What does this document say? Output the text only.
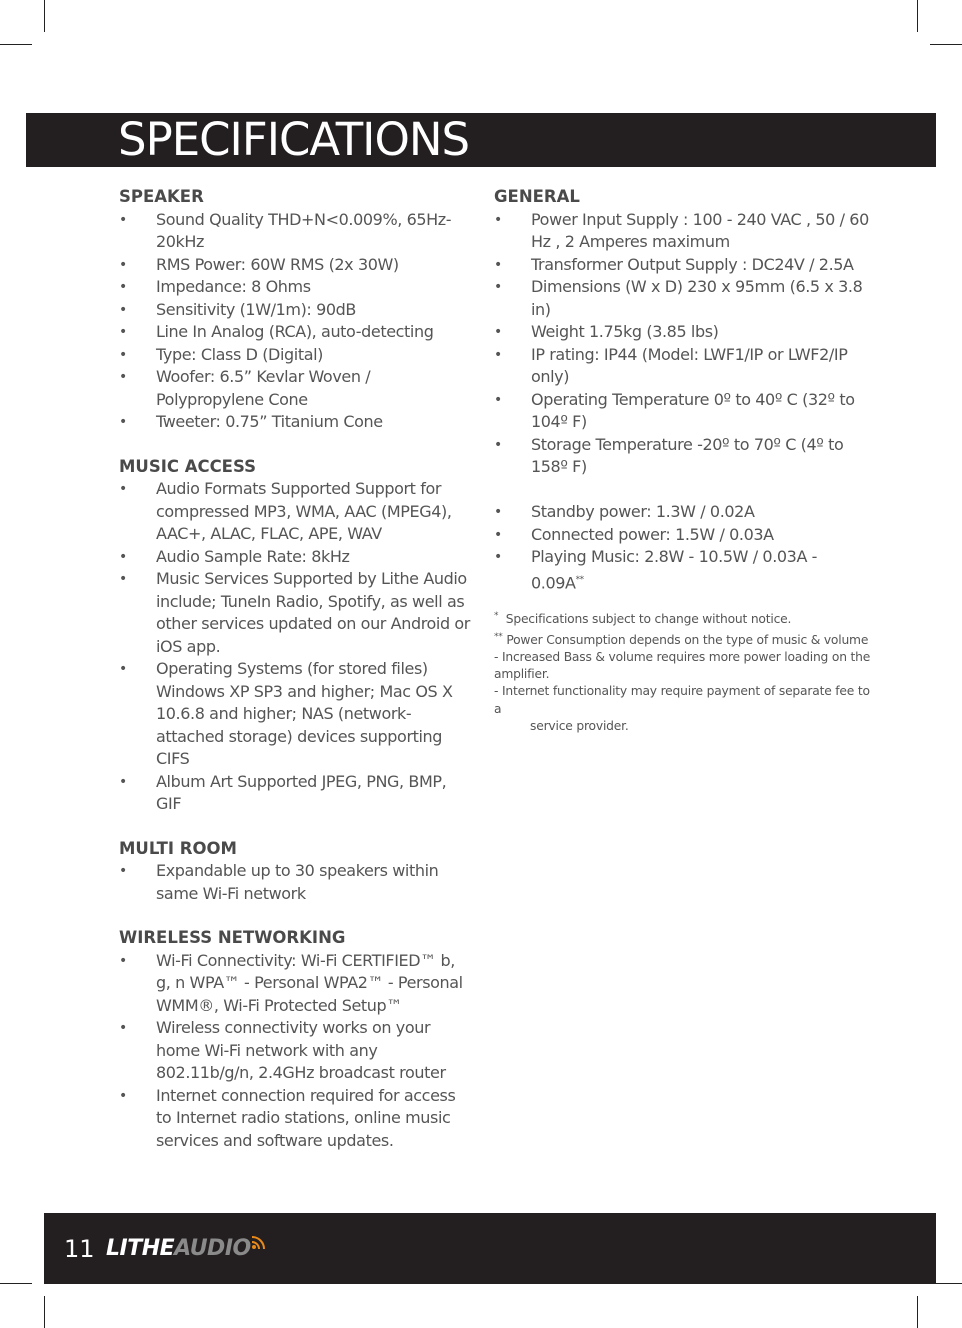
SPECIFICATIONS
SPEAKER
• Sound Quality THD+N<0.009%, 65Hz-20kHz
• RMS Power: 60W RMS (2x 30W)
• Impedance: 8 Ohms
• Sensitivity (1W/1m): 90dB
• Line In Analog (RCA), auto-detecting
• Type: Class D (Digital)
• Woofer: 6.5” Kevlar Woven / Polypropylene Cone
• Tweeter: 0.75” Titanium Cone
MUSIC ACCESS
• Audio Formats Supported Support for compressed MP3, WMA, AAC (MPEG4), AAC+, ALAC, FLAC, APE, WAV
• Audio Sample Rate: 8kHz
• Music Services Supported by Lithe Audio include; TuneIn Radio, Spotify, as well as other services updated on our Android or iOS app.
• Operating Systems (for stored files) Windows XP SP3 and higher; Mac OS X 10.6.8 and higher; NAS (network-attached storage) devices supporting CIFS
• Album Art Supported JPEG, PNG, BMP, GIF
MULTI ROOM
• Expandable up to 30 speakers within same Wi-Fi network
WIRELESS NETWORKING
• Wi-Fi Connectivity: Wi-Fi CERTIFIED™ b, g, n WPA™ - Personal WPA2™ - Personal WMM®, Wi-Fi Protected Setup™
• Wireless connectivity works on your home Wi-Fi network with any 802.11b/g/n, 2.4GHz broadcast router
• Internet connection required for access to Internet radio stations, online music services and software updates.
GENERAL
• Power Input Supply : 100 - 240 VAC , 50 / 60 Hz , 2 Amperes maximum
• Transformer Output Supply : DC24V / 2.5A
• Dimensions (W x D) 230 x 95mm (6.5 x 3.8 in)
• Weight 1.75kg (3.85 lbs)
• IP rating: IP44 (Model: LWF1/IP or LWF2/IP only)
• Operating Temperature 0º to 40º C (32º to 104º F)
• Storage Temperature -20º to 70º C (4º to 158º F)
• Standby power: 1.3W / 0.02A
• Connected power: 1.5W / 0.03A
• Playing Music: 2.8W - 10.5W / 0.03A - 0.09A**

* Specifications subject to change without notice.

** Power Consumption depends on the type of music & volume

- Increased Bass & volume requires more power loading on the amplifier.

- Internet functionality may require payment of separate fee to a

service provider.

11 LITHEAUDIO
